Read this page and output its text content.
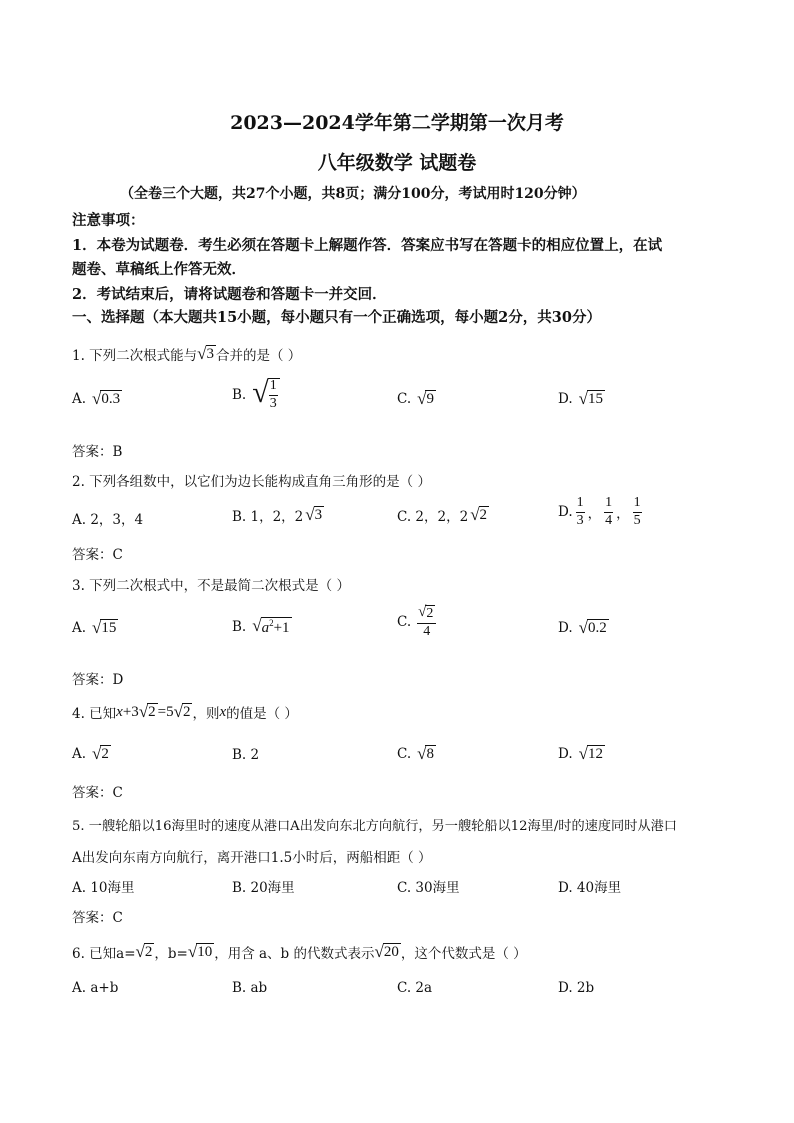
2023—2024学年第二学期第一次月考
八年级数学 试题卷
（全卷三个大题，共27个小题，共8页；满分100分，考试用时120分钟）
注意事项：
1．本卷为试题卷．考生必须在答题卡上解题作答．答案应书写在答题卡的相应位置上，在试
题卷、草稿纸上作答无效．
2．考试结束后，请将试题卷和答题卡一并交回．
一、选择题（本大题共15小题，每小题只有一个正确选项，每小题2分，共30分）
1. 下列二次根式能与 √ 3 合并的是（ ）
A. √ 0.3	B. √ $\frac{1}{3}$	C. √ 9	D. √ 15
答案：B
2. 下列各组数中，以它们为边长能构成直角三角形的是（ ）
A. 2，3，4	B. 1，2，2 √ 3	C. 2，2，2 √ 2	D. $\frac{1}{3}$ ， $\frac{1}{4}$ ， $\frac{1}{5}$
答案：C
3. 下列二次根式中，不是最简二次根式是（ ）
A. √ 15	B. √ $a^2+1$	C. $\frac{√ 2}{4}$	D. √ 0.2
答案：D
4. 已知 x +3 √ 2 =5 √ 2 ，则 x 的值是（ ）
A. √ 2	B. 2	C. √ 8	D. √ 12
答案：C
5. 一艘轮船以16海里时的速度从港口A出发向东北方向航行，另一艘轮船以12海里/时的速度同时从港口
A出发向东南方向航行，离开港口1.5小时后，两船相距（ ）
A. 10海里	B. 20海里	C. 30海里	D. 40海里
答案：C
6. 已知a= √ 2 ，b= √ 10 ，用含 a、b 的代数式表示 √ 20 ，这个代数式是（ ）
A. a+b	B. ab	C. 2a	D. 2b
